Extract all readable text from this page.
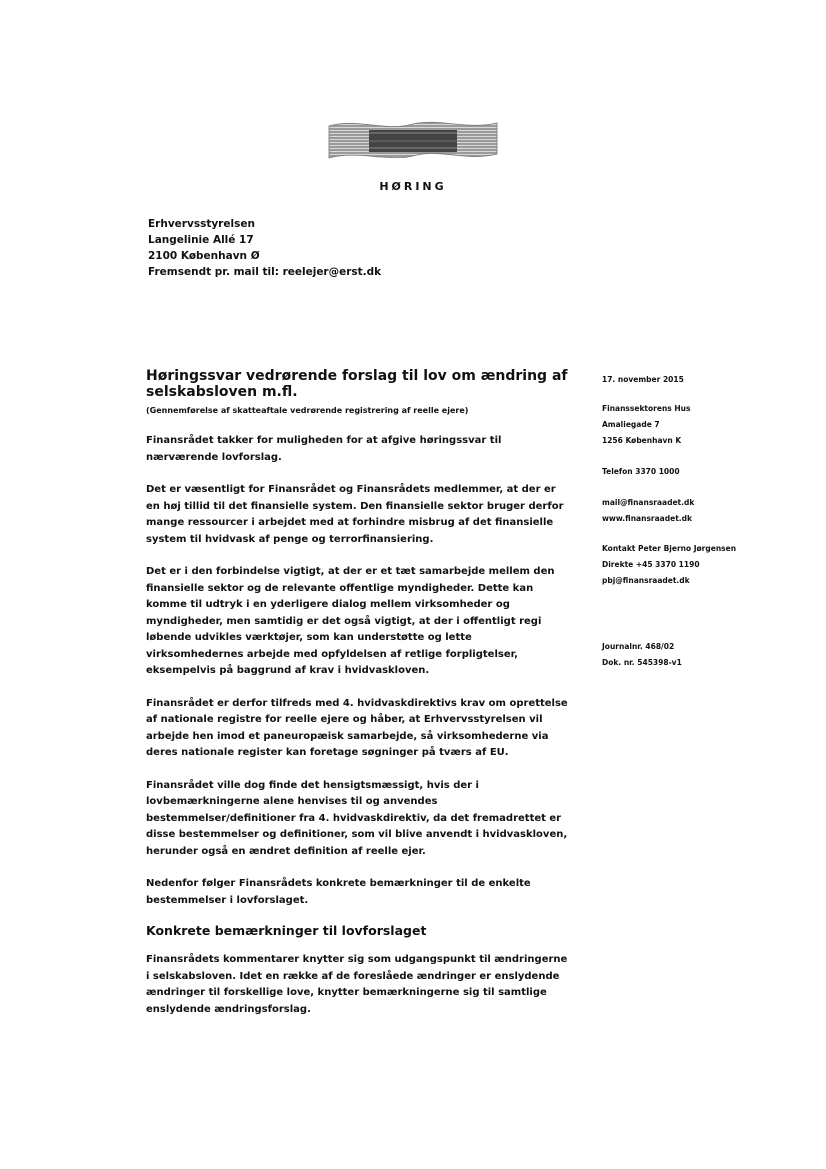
HØRING
Erhvervsstyrelsen
Langelinie Allé 17
2100 København Ø
Fremsendt pr. mail til: reelejer@erst.dk

Høringssvar vedrørende forslag til lov om ændring af selskabsloven m.fl.

(Gennemførelse af skatteaftale vedrørende registrering af reelle ejere)

Finansrådet takker for muligheden for at afgive høringssvar til nærværende lovforslag.

Det er væsentligt for Finansrådet og Finansrådets medlemmer, at der er en høj tillid til det finansielle system. Den finansielle sektor bruger derfor mange ressourcer i arbejdet med at forhindre misbrug af det finansielle system til hvidvask af penge og terrorfinansiering.

Det er i den forbindelse vigtigt, at der er et tæt samarbejde mellem den finansielle sektor og de relevante offentlige myndigheder. Dette kan komme til udtryk i en yderligere dialog mellem virksomheder og myndigheder, men samtidig er det også vigtigt, at der i offentligt regi løbende udvikles værktøjer, som kan understøtte og lette virksomhedernes arbejde med opfyldelsen af retlige forpligtelser, eksempelvis på baggrund af krav i hvidvaskloven.

Finansrådet er derfor tilfreds med 4. hvidvaskdirektivs krav om oprettelse af nationale registre for reelle ejere og håber, at Erhvervsstyrelsen vil arbejde hen imod et paneuropæisk samarbejde, så virksomhederne via deres nationale register kan foretage søgninger på tværs af EU.

Finansrådet ville dog finde det hensigtsmæssigt, hvis der i lovbemærkningerne alene henvises til og anvendes bestemmelser/definitioner fra 4. hvidvaskdirektiv, da det fremadrettet er disse bestemmelser og definitioner, som vil blive anvendt i hvidvaskloven, herunder også en ændret definition af reelle ejer.

Nedenfor følger Finansrådets konkrete bemærkninger til de enkelte bestemmelser i lovforslaget.

Konkrete bemærkninger til lovforslaget

Finansrådets kommentarer knytter sig som udgangspunkt til ændringerne i selskabsloven. Idet en række af de foreslåede ændringer er enslydende ændringer til forskellige love, knytter bemærkningerne sig til samtlige enslydende ændringsforslag.

17. november 2015
Finanssektorens Hus
Amaliegade 7
1256 København K
Telefon 3370 1000
mail@finansraadet.dk
www.finansraadet.dk
Kontakt Peter Bjerno Jørgensen
Direkte +45 3370 1190
pbj@finansraadet.dk
Journalnr. 468/02
Dok. nr. 545398-v1
